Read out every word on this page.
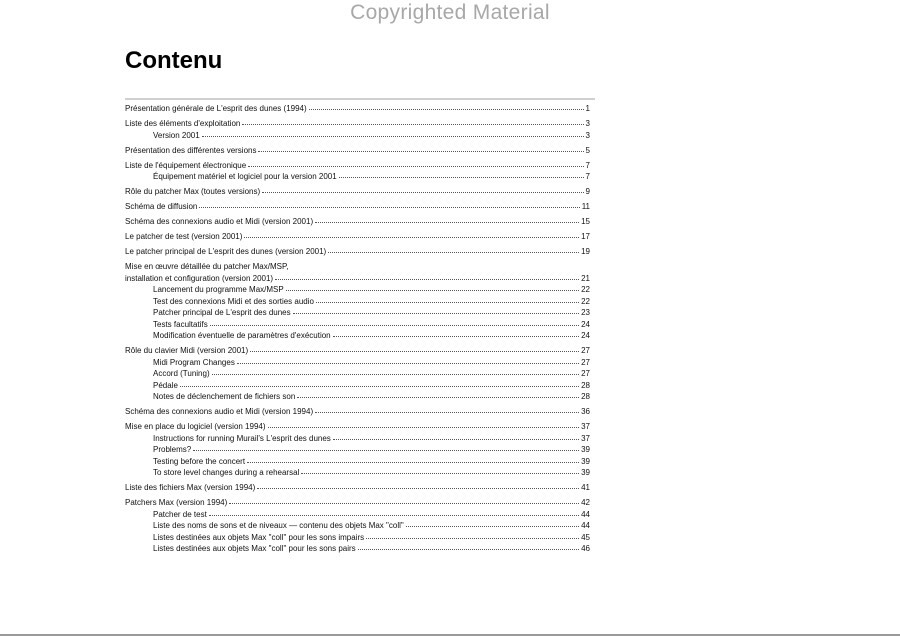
Copyrighted Material
Contenu
Présentation générale de L'esprit des dunes (1994)	1
Liste des éléments d'exploitation	3
Version 2001	3
Présentation des différentes versions	5
Liste de l'équipement électronique	7
Équipement matériel et logiciel pour la version 2001	7
Rôle du patcher Max (toutes versions)	9
Schéma de diffusion	11
Schéma des connexions audio et Midi (version 2001)	15
Le patcher de test (version 2001)	17
Le patcher principal de L'esprit des dunes (version 2001)	19
Mise en œuvre détaillée du patcher Max/MSP,
installation et configuration (version 2001)	21
Lancement du programme Max/MSP	22
Test des connexions Midi et des sorties audio	22
Patcher principal de L'esprit des dunes	23
Tests facultatifs	24
Modification éventuelle de paramètres d'exécution	24
Rôle du clavier Midi (version 2001)	27
Midi Program Changes	27
Accord (Tuning)	27
Pédale	28
Notes de déclenchement de fichiers son	28
Schéma des connexions audio et Midi (version 1994)	36
Mise en place du logiciel (version 1994)	37
Instructions for running Murail's L'esprit des dunes	37
Problems?	39
Testing before the concert	39
To store level changes during a rehearsal	39
Liste des fichiers Max (version 1994)	41
Patchers Max (version 1994)	42
Patcher de test	44
Liste des noms de sons et de niveaux — contenu des objets Max "coll"	44
Listes destinées aux objets Max "coll" pour les sons impairs	45
Listes destinées aux objets Max "coll" pour les sons pairs	46
